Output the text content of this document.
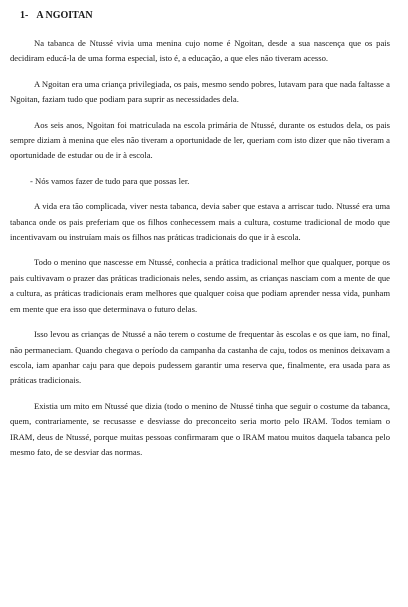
1- A NGOITAN

Na tabanca de Ntussé vivia uma menina cujo nome é Ngoitan, desde a sua nascença que os pais decidiram educá-la de uma forma especial, isto é, a educação, a que eles não tiveram acesso.

A Ngoitan era uma criança privilegiada, os pais, mesmo sendo pobres, lutavam para que nada faltasse a Ngoitan, faziam tudo que podiam para suprir as necessidades dela.

Aos seis anos, Ngoitan foi matriculada na escola primária de Ntussé, durante os estudos dela, os pais sempre diziam à menina que eles não tiveram a oportunidade de ler, queriam com isto dizer que não tiveram a oportunidade de estudar ou de ir à escola.

- Nós vamos fazer de tudo para que possas ler.

A vida era tão complicada, viver nesta tabanca, devia saber que estava a arriscar tudo. Ntussé era uma tabanca onde os pais preferiam que os filhos conhecessem mais a cultura, costume tradicional de modo que incentivavam ou instruíam mais os filhos nas práticas tradicionais do que ir à escola.

Todo o menino que nascesse em Ntussé, conhecia a prática tradicional melhor que qualquer, porque os pais cultivavam o prazer das práticas tradicionais neles, sendo assim, as crianças nasciam com a mente de que a cultura, as práticas tradicionais eram melhores que qualquer coisa que podiam aprender nessa vida, punham em mente que era isso que determinava o futuro delas.

Isso levou as crianças de Ntussé a não terem o costume de frequentar às escolas e os que iam, no final, não permaneciam. Quando chegava o período da campanha da castanha de caju, todos os meninos deixavam a escola, iam apanhar caju para que depois pudessem garantir uma reserva que, finalmente, era usada para as práticas tradicionais.

Existia um mito em Ntussé que dizia (todo o menino de Ntussé tinha que seguir o costume da tabanca, quem, contrariamente, se recusasse e desviasse do preconceito seria morto pelo IRAM. Todos temiam o IRAM, deus de Ntussé, porque muitas pessoas confirmaram que o IRAM matou muitos daquela tabanca pelo mesmo fato, de se desviar das normas.
